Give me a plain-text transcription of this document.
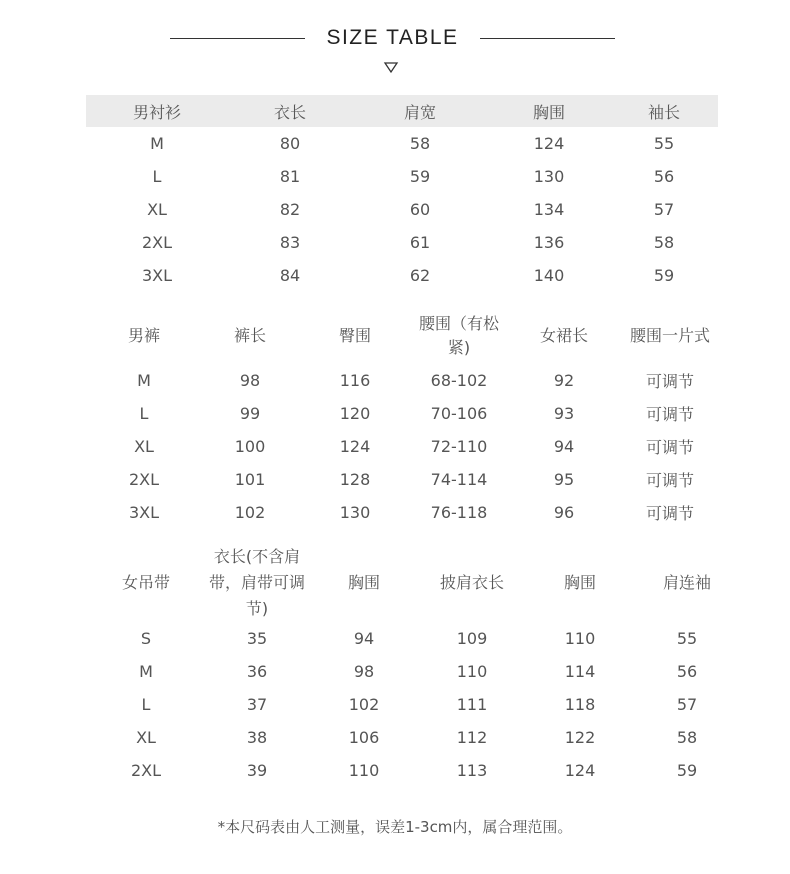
SIZE TABLE
男衬衫	衣长	肩宽	胸围	袖长
M	80	58	124	55
L	81	59	130	56
XL	82	60	134	57
2XL	83	61	136	58
3XL	84	62	140	59
男裤	裤长	臀围	腰围（有松紧)	女裙长	腰围一片式
M	98	116	68-102	92	可调节
L	99	120	70-106	93	可调节
XL	100	124	72-110	94	可调节
2XL	101	128	74-114	95	可调节
3XL	102	130	76-118	96	可调节
女吊带	衣长(不含肩带，肩带可调节)	胸围	披肩衣长	胸围	肩连袖
S	35	94	109	110	55
M	36	98	110	114	56
L	37	102	111	118	57
XL	38	106	112	122	58
2XL	39	110	113	124	59
*本尺码表由人工测量，误差1-3cm内，属合理范围。
